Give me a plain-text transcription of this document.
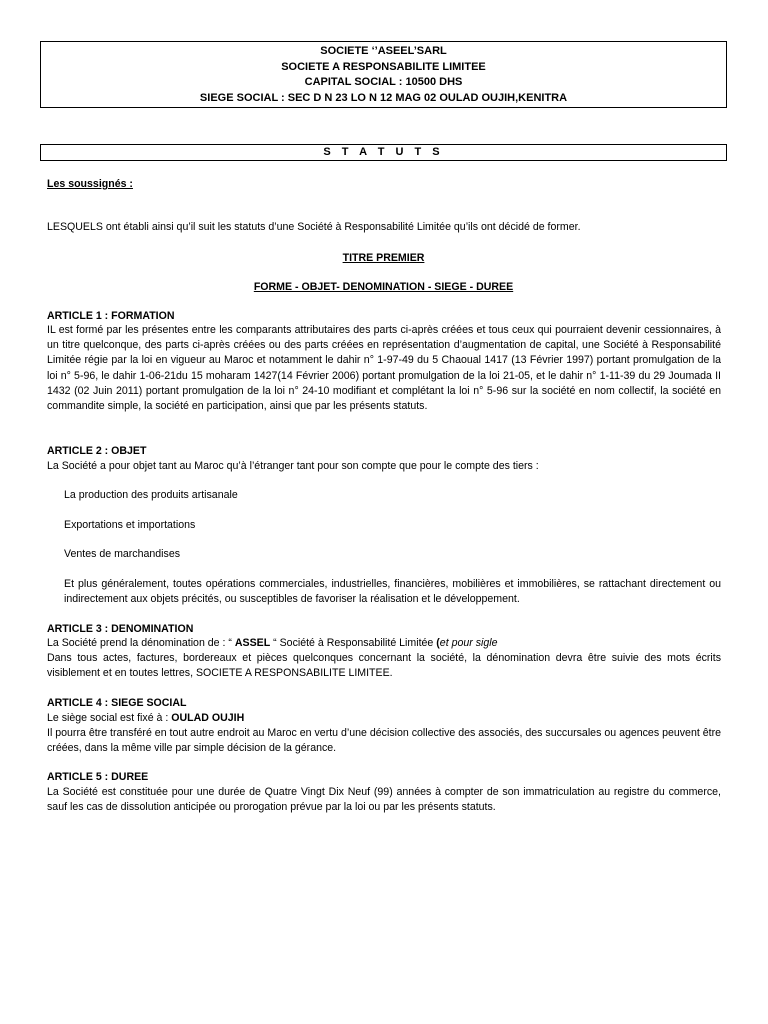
SOCIETE ‘’ASEEL’SARL
SOCIETE A RESPONSABILITE LIMITEE
CAPITAL SOCIAL : 10500 DHS
SIEGE SOCIAL : SEC D N 23 LO N 12 MAG 02 OULAD OUJIH,KENITRA
S T A T U T S
Les soussignés :
LESQUELS ont établi ainsi qu’il suit les statuts d’une Société à Responsabilité Limitée qu’ils ont décidé de former.
TITRE PREMIER
FORME - OBJET- DENOMINATION - SIEGE - DUREE
ARTICLE 1 : FORMATION
IL est formé par les présentes entre les comparants attributaires des parts ci-après créées et tous ceux qui pourraient devenir cessionnaires, à un titre quelconque, des parts ci-après créées ou des parts créées en représentation d’augmentation de capital, une Société à Responsabilité Limitée régie par la loi en vigueur au Maroc et notamment le dahir n° 1-97-49 du 5 Chaoual 1417 (13 Février 1997) portant promulgation de la loi n° 5-96, le dahir 1-06-21du 15 moharam 1427(14 Février 2006) portant promulgation de la loi 21-05, et le dahir n° 1-11-39 du 29 Joumada II 1432 (02 Juin 2011) portant promulgation de la loi n° 24-10 modifiant et complétant la loi n° 5-96 sur la société en nom collectif, la société en commandite simple, la société en participation, ainsi que par les présents statuts.
ARTICLE 2 : OBJET
La Société a pour objet tant au Maroc qu’à l’étranger tant pour son compte que pour le compte des tiers :
La production des produits artisanale
Exportations et importations
Ventes de marchandises
Et plus généralement, toutes opérations commerciales, industrielles, financières, mobilières et immobilières, se rattachant directement ou indirectement aux objets précités, ou susceptibles de favoriser la réalisation et le développement.
ARTICLE 3 : DENOMINATION
La Société prend la dénomination de : “ ASSEL “ Société à Responsabilité Limitée (et pour sigle
Dans tous actes, factures, bordereaux et pièces quelconques concernant la société, la dénomination devra être suivie des mots écrits visiblement et en toutes lettres, SOCIETE A RESPONSABILITE LIMITEE.
ARTICLE 4 : SIEGE SOCIAL
Le siège social est fixé à : OULAD OUJIH
Il pourra être transféré en tout autre endroit au Maroc en vertu d’une décision collective des associés, des succursales ou agences peuvent être créées, dans la même ville par simple décision de la gérance.
ARTICLE 5 : DUREE
La Société est constituée pour une durée de Quatre Vingt Dix Neuf (99) années à compter de son immatriculation au registre du commerce, sauf les cas de dissolution anticipée ou prorogation prévue par la loi ou par les présents statuts.
